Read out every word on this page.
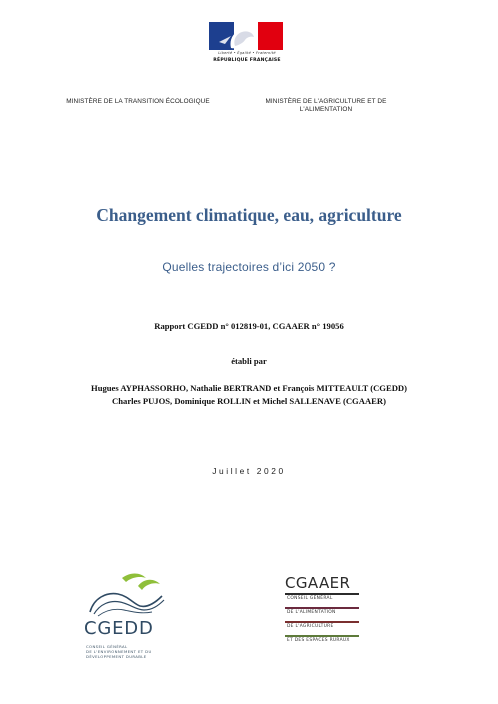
Liberté • Égalité • Fraternité
RÉPUBLIQUE FRANÇAISE
MINISTÈRE DE LA TRANSITION ÉCOLOGIQUE	MINISTÈRE DE L'AGRICULTURE ET DE L'ALIMENTATION
Changement climatique, eau, agriculture
Quelles trajectoires d’ici 2050 ?
Rapport CGEDD n° 012819-01, CGAAER n° 19056
établi par
Hugues AYPHASSORHO, Nathalie BERTRAND et François MITTEAULT (CGEDD)
Charles PUJOS, Dominique ROLLIN et Michel SALLENAVE (CGAAER)
Juillet 2020
CGEDD
CONSEIL GÉNÉRAL
DE L'ENVIRONNEMENT ET DU
DÉVELOPPEMENT DURABLE
CGAAER
CONSEIL GÉNÉRAL
DE L'ALIMENTATION
DE L'AGRICULTURE
ET DES ESPACES RURAUX
